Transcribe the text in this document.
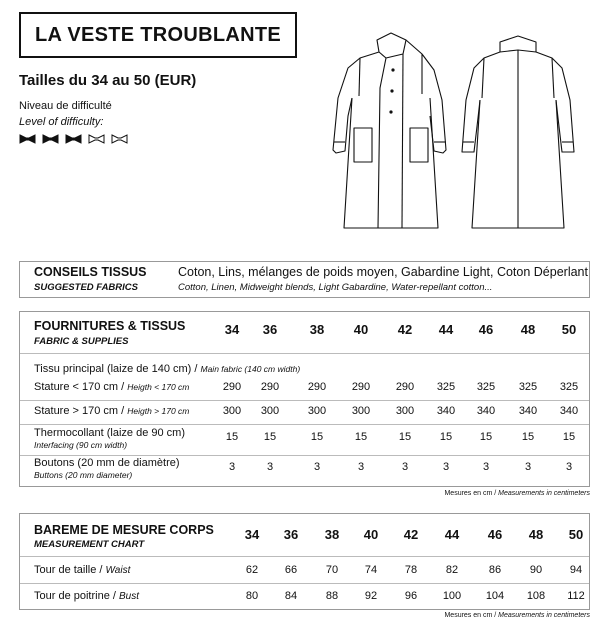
LA VESTE TROUBLANTE
Tailles du 34 au 50 (EUR)
Niveau de difficulté
Level of difficulty:
CONSEILS TISSUS
SUGGESTED FABRICS
Coton, Lins, mélanges de poids moyen, Gabardine Light, Coton Déperlant
Cotton, Linen, Midweight blends, Light Gabardine, Water-repellant cotton...
FOURNITURES & TISSUS
FABRIC & SUPPLIES
Tissu principal (laize de 140 cm) / Main fabric (140 cm width)
34	36	38	40	42	44	46	48	50
Stature < 170 cm / Heigth < 170 cm	290	290	290	290	290	325	325	325	325
Stature > 170 cm / Heigth > 170 cm	300	300	300	300	300	340	340	340	340
Thermocollant (laize de 90 cm)
Interfacing (90 cm width)
15	15	15	15	15	15	15	15	15
Boutons (20 mm de diamètre)
Buttons (20 mm diameter)
3	3	3	3	3	3	3	3	3
Mesures en cm / Measurements in centimeters
BAREME DE MESURE CORPS
MEASUREMENT CHART
34	36	38	40	42	44	46	48	50
Tour de taille / Waist	62	66	70	74	78	82	86	90	94
Tour de poitrine / Bust	80	84	88	92	96	100	104	108	112
Mesures en cm / Measurements in centimeters
